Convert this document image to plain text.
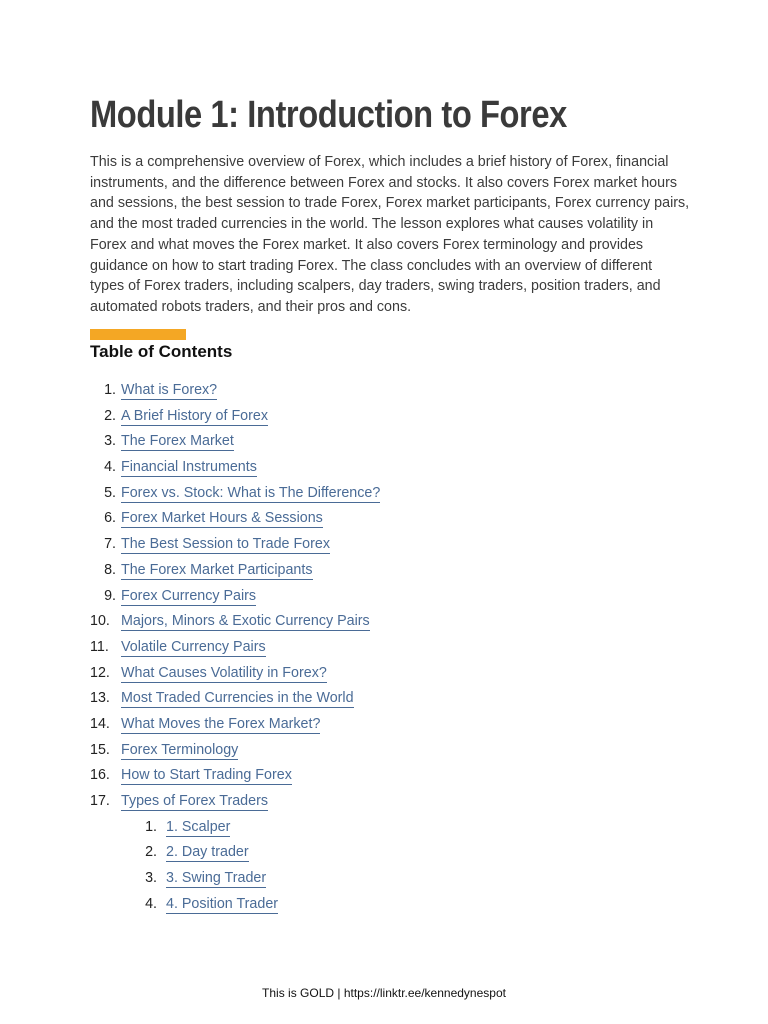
Module 1: Introduction to Forex

This is a comprehensive overview of Forex, which includes a brief history of Forex, financial instruments, and the difference between Forex and stocks. It also covers Forex market hours and sessions, the best session to trade Forex, Forex market participants, Forex currency pairs, and the most traded currencies in the world. The lesson explores what causes volatility in Forex and what moves the Forex market. It also covers Forex terminology and provides guidance on how to start trading Forex. The class concludes with an overview of different types of Forex traders, including scalpers, day traders, swing traders, position traders, and automated robots traders, and their pros and cons.

Table of Contents
1. What is Forex?
2. A Brief History of Forex
3. The Forex Market
4. Financial Instruments
5. Forex vs. Stock: What is The Difference?
6. Forex Market Hours & Sessions
7. The Best Session to Trade Forex
8. The Forex Market Participants
9. Forex Currency Pairs
10. Majors, Minors & Exotic Currency Pairs
11. Volatile Currency Pairs
12. What Causes Volatility in Forex?
13. Most Traded Currencies in the World
14. What Moves the Forex Market?
15. Forex Terminology
16. How to Start Trading Forex
17. Types of Forex Traders
1. 1. Scalper
2. 2. Day trader
3. 3. Swing Trader
4. 4. Position Trader
This is GOLD | https://linktr.ee/kennedynespot
